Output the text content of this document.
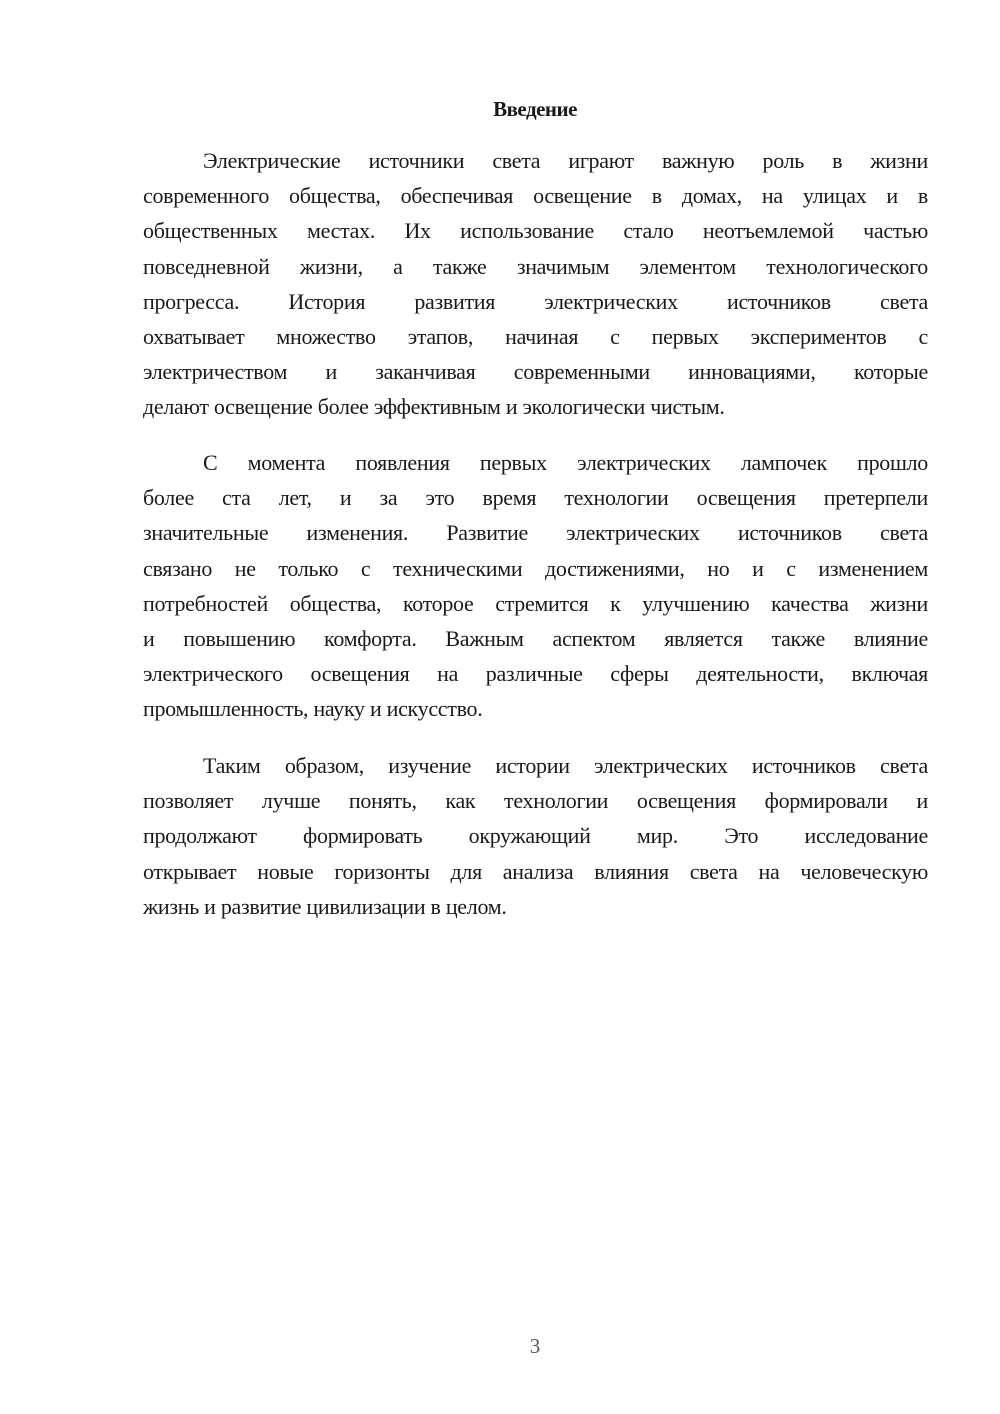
Введение
Электрические источники света играют важную роль в жизни
современного общества, обеспечивая освещение в домах, на улицах и в
общественных местах. Их использование стало неотъемлемой частью
повседневной жизни, а также значимым элементом технологического
прогресса. История развития электрических источников света
охватывает множество этапов, начиная с первых экспериментов с
электричеством и заканчивая современными инновациями, которые
делают освещение более эффективным и экологически чистым.
С момента появления первых электрических лампочек прошло
более ста лет, и за это время технологии освещения претерпели
значительные изменения. Развитие электрических источников света
связано не только с техническими достижениями, но и с изменением
потребностей общества, которое стремится к улучшению качества жизни
и повышению комфорта. Важным аспектом является также влияние
электрического освещения на различные сферы деятельности, включая
промышленность, науку и искусство.
Таким образом, изучение истории электрических источников света
позволяет лучше понять, как технологии освещения формировали и
продолжают формировать окружающий мир. Это исследование
открывает новые горизонты для анализа влияния света на человеческую
жизнь и развитие цивилизации в целом.
3
